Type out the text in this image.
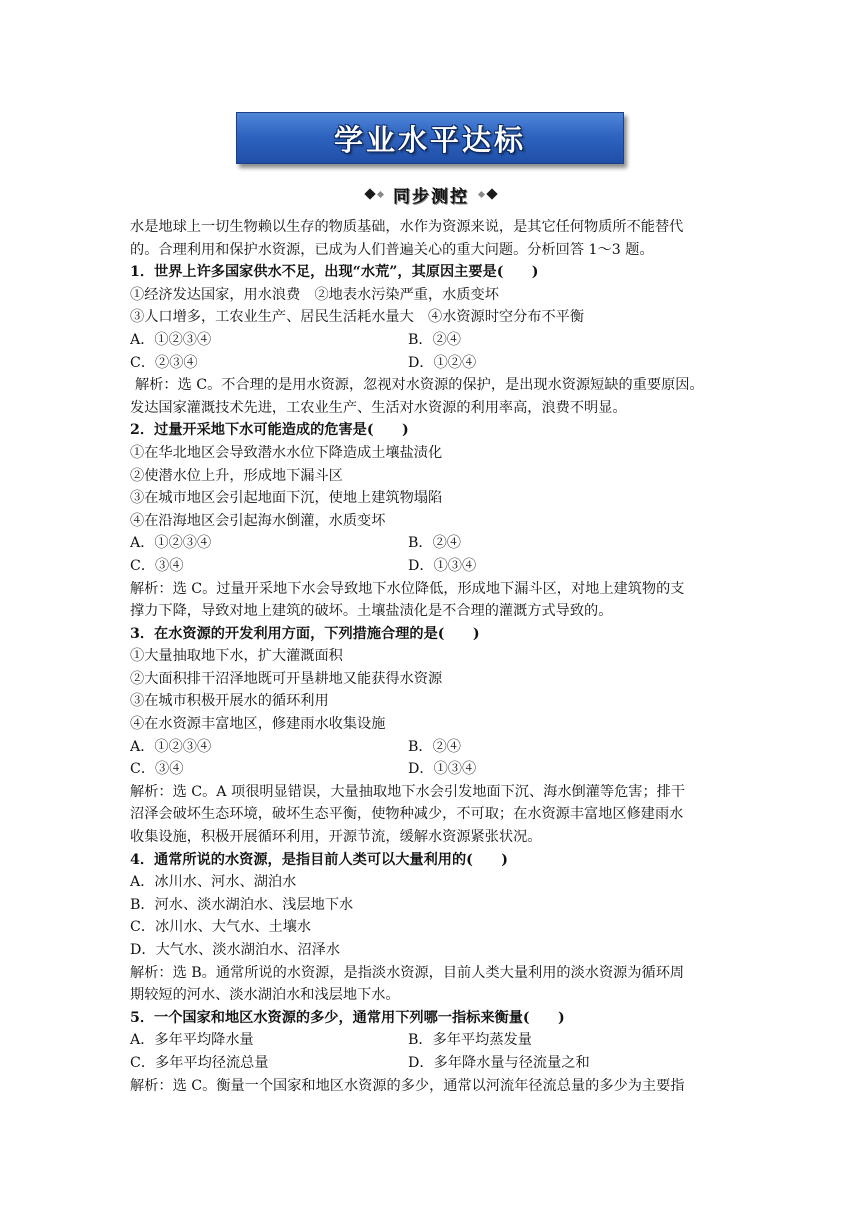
学业水平达标
同步测控
水是地球上一切生物赖以生存的物质基础，水作为资源来说，是其它任何物质所不能替代
的。合理利用和保护水资源，已成为人们普遍关心的重大问题。分析回答 1～3 题。
1．世界上许多国家供水不足，出现“水荒”，其原因主要是(　　)
①经济发达国家，用水浪费　②地表水污染严重，水质变坏
③人口增多，工农业生产、居民生活耗水量大　④水资源时空分布不平衡
A．①②③④	B．②④
C．②③④	D．①②④
解析：选 C。不合理的是用水资源，忽视对水资源的保护，是出现水资源短缺的重要原因。
发达国家灌溉技术先进，工农业生产、生活对水资源的利用率高，浪费不明显。
2．过量开采地下水可能造成的危害是(　　)
①在华北地区会导致潜水水位下降造成土壤盐渍化
②使潜水位上升，形成地下漏斗区
③在城市地区会引起地面下沉，使地上建筑物塌陷
④在沿海地区会引起海水倒灌，水质变坏
A．①②③④	B．②④
C．③④	D．①③④
解析：选 C。过量开采地下水会导致地下水位降低，形成地下漏斗区，对地上建筑物的支
撑力下降，导致对地上建筑的破坏。土壤盐渍化是不合理的灌溉方式导致的。
3．在水资源的开发利用方面，下列措施合理的是(　　)
①大量抽取地下水，扩大灌溉面积
②大面积排干沼泽地既可开垦耕地又能获得水资源
③在城市积极开展水的循环利用
④在水资源丰富地区，修建雨水收集设施
A．①②③④	B．②④
C．③④	D．①③④
解析：选 C。A 项很明显错误，大量抽取地下水会引发地面下沉、海水倒灌等危害；排干
沼泽会破坏生态环境，破坏生态平衡，使物种减少，不可取；在水资源丰富地区修建雨水
收集设施，积极开展循环利用，开源节流，缓解水资源紧张状况。
4．通常所说的水资源，是指目前人类可以大量利用的(　　)
A．冰川水、河水、湖泊水
B．河水、淡水湖泊水、浅层地下水
C．冰川水、大气水、土壤水
D．大气水、淡水湖泊水、沼泽水
解析：选 B。通常所说的水资源，是指淡水资源，目前人类大量利用的淡水资源为循环周
期较短的河水、淡水湖泊水和浅层地下水。
5．一个国家和地区水资源的多少，通常用下列哪一指标来衡量(　　)
A．多年平均降水量	B．多年平均蒸发量
C．多年平均径流总量	D．多年降水量与径流量之和
解析：选 C。衡量一个国家和地区水资源的多少，通常以河流年径流总量的多少为主要指
